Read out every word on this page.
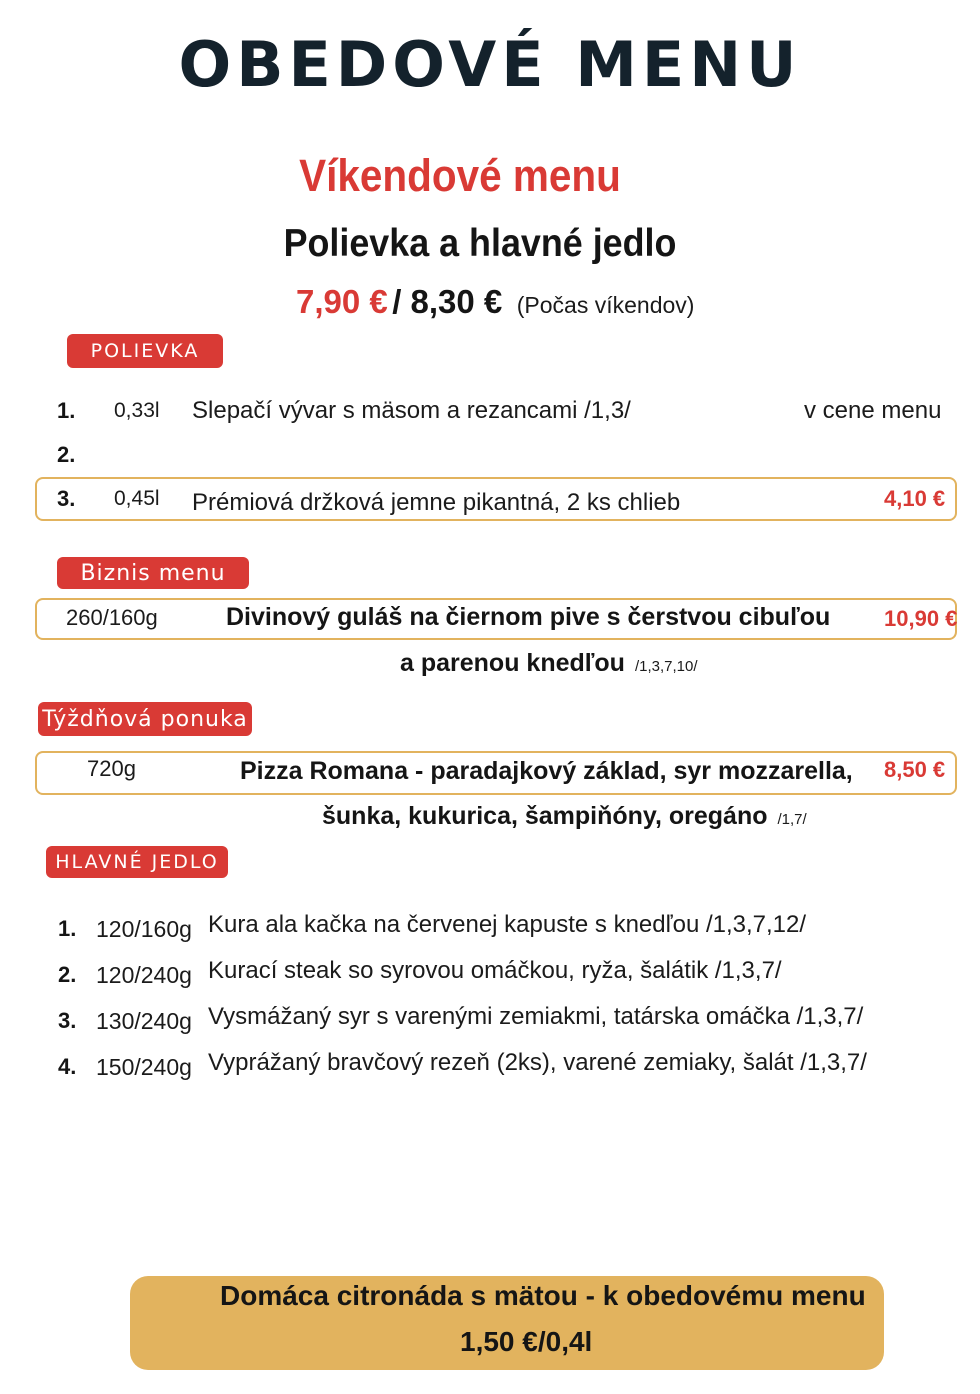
OBEDOVÉ MENU
Víkendové menu
Polievka a hlavné jedlo
7,90 € / 8,30 € (Počas víkendov)
POLIEVKA
1. 0,33l Slepačí vývar s mäsom a rezancami /1,3/	v cene menu
2.
3. 0,45l Prémiová držková jemne pikantná, 2 ks chlieb	4,10 €
Biznis menu
260/160g	Divinový guláš na čiernom pive s čerstvou cibuľou 10,90 €
a parenou knedľou /1,3,7,10/
Týždňová ponuka
720g	Pizza Romana - paradajkový základ, syr mozzarella, 8,50 €
šunka, kukurica, šampiňóny, oregáno /1,7/
HLAVNÉ JEDLO
1. 120/160g Kura ala kačka na červenej kapuste s knedľou /1,3,7,12/
2. 120/240g Kurací steak so syrovou omáčkou, ryža, šalátik /1,3,7/
3. 130/240g Vysmážaný syr s varenými zemiakmi, tatárska omáčka /1,3,7/
4. 150/240g Vyprážaný bravčový rezeň (2ks), varené zemiaky, šalát /1,3,7/
Domáca citronáda s mätou - k obedovému menu
1,50 €/0,4l
